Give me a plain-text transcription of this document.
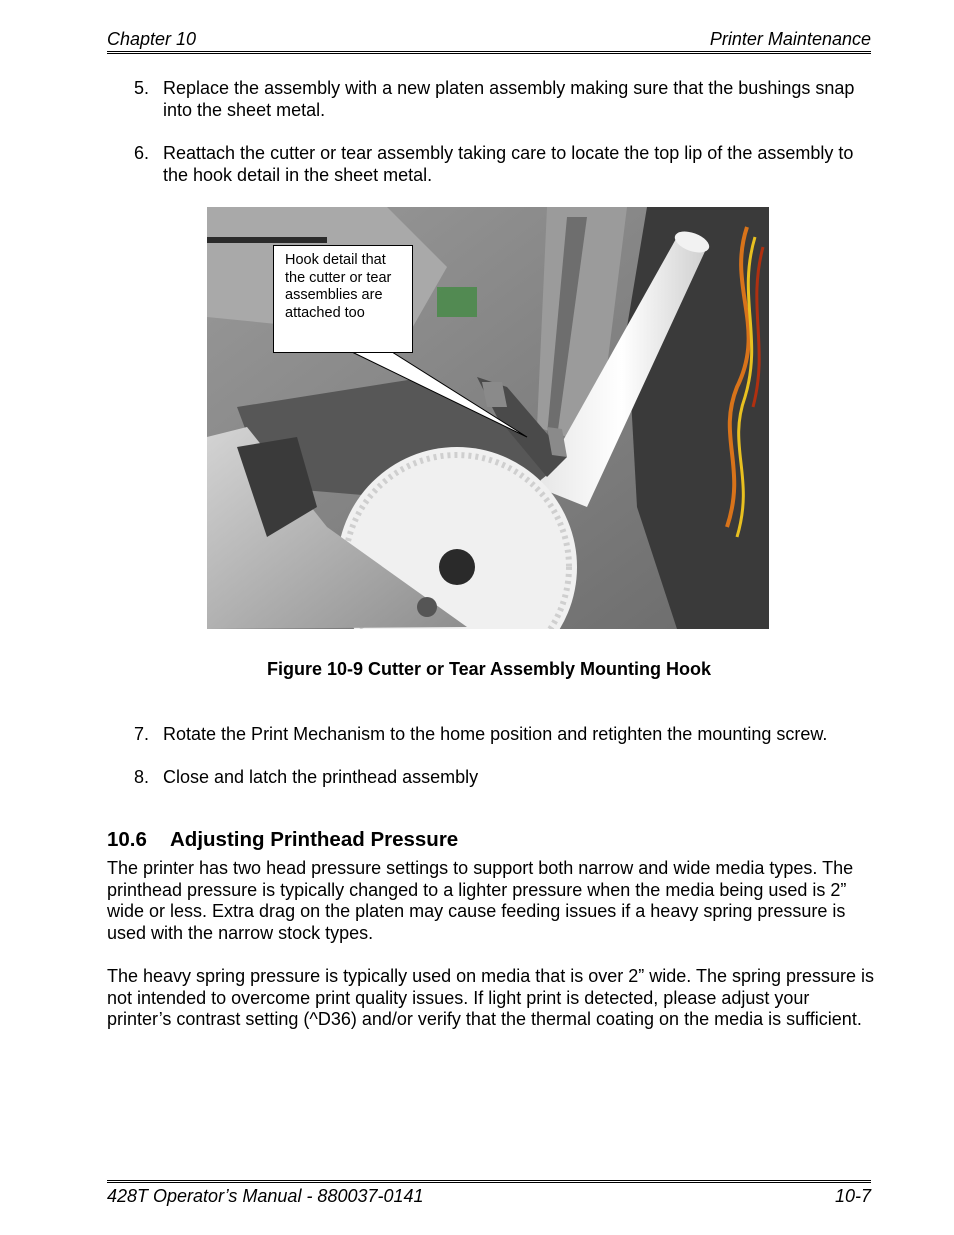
Chapter 10	Printer Maintenance
5. Replace the assembly with a new platen assembly making sure that the bushings snap into the sheet metal.
6. Reattach the cutter or tear assembly taking care to locate the top lip of the assembly to the hook detail in the sheet metal.
Hook detail that the cutter or tear assemblies are attached too
Figure 10-9 Cutter or Tear Assembly Mounting Hook
7. Rotate the Print Mechanism to the home position and retighten the mounting screw.
8. Close and latch the printhead assembly
10.6 Adjusting Printhead Pressure
The printer has two head pressure settings to support both narrow and wide media types. The printhead pressure is typically changed to a lighter pressure when the media being used is 2” wide or less. Extra drag on the platen may cause feeding issues if a heavy spring pressure is used with the narrow stock types.
The heavy spring pressure is typically used on media that is over 2” wide. The spring pressure is not intended to overcome print quality issues. If light print is detected, please adjust your printer’s contrast setting (^D36) and/or verify that the thermal coating on the media is sufficient.
428T Operator’s Manual - 880037-0141	10-7
